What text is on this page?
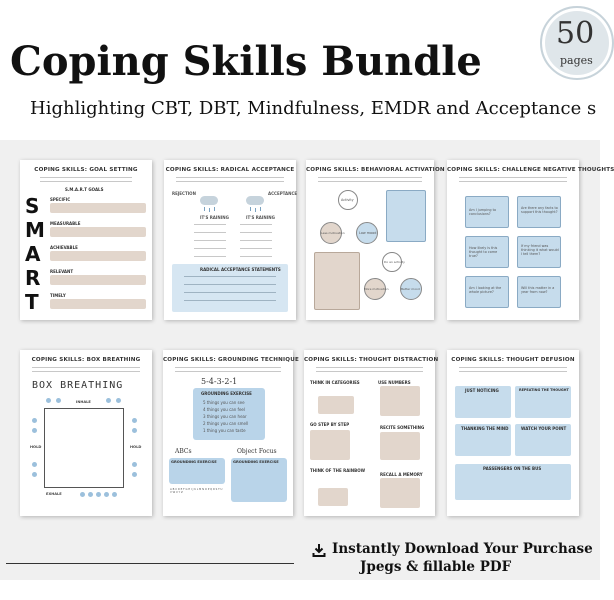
Coping Skills Bundle
Highlighting CBT, DBT, Mindfulness, EMDR and Acceptance s
50
pages
COPING SKILLS: GOAL SETTING
S.M.A.R.T GOALS
S
M
A
R
T
SPECIFIC
MEASURABLE
ACHIEVABLE
RELEVANT
TIMELY
COPING SKILLS: RADICAL ACCEPTANCE
REJECTION	ACCEPTANCE
IT'S RAINING	IT'S RAINING
RADICAL ACCEPTANCE STATEMENTS
COPING SKILLS: BEHAVIORAL ACTIVATION
Activity
Less motivation	Low mood
Do an activity
More motivation	Better mood
COPING SKILLS: CHALLENGE NEGATIVE THOUGHTS
Am I jumping to conclusions?
Are there any facts to support this thought?
How likely is this thought to come true?
If my friend was thinking it what would I tell them?
Am I looking at the whole picture?
Will this matter in a year from now?
COPING SKILLS: BOX BREATHING
BOX BREATHING
INHALE
EXHALE
HOLD	HOLD
COPING SKILLS: GROUNDING TECHNIQUE
5-4-3-2-1
GROUNDING EXERCISE
5 things you can see
4 things you can feel
3 things you can hear
2 things you can smell
1 thing you can taste
ABCs	Object Focus
GROUNDING EXERCISE
A B C D E F G H I J K L M N O P Q R S T U V W X Y Z
GROUNDING EXERCISE
COPING SKILLS: THOUGHT DISTRACTION
THINK IN CATEGORIES	USE NUMBERS
GO STEP BY STEP
RECITE SOMETHING
THINK OF THE RAINBOW
RECALL A MEMORY
COPING SKILLS: THOUGHT DEFUSION
JUST NOTICING	REPEATING THE THOUGHT
THANKING THE MIND	WATCH YOUR POINT
PASSENGERS ON THE BUS
Instantly Download Your Purchase
Jpegs & fillable PDF
